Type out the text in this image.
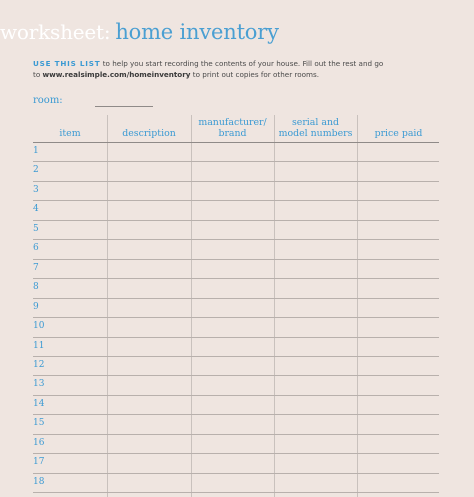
worksheet: home inventory
USE THIS LIST to help you start recording the contents of your house. Fill out the rest and go
to www.realsimple.com/homeinventory to print out copies for other rooms.
room:
item	description
manufacturer/
brand
serial and
model numbers price paid
1
2
3
4
5
6
7
8
9
10
11
12
13
14
15
16
17
18
